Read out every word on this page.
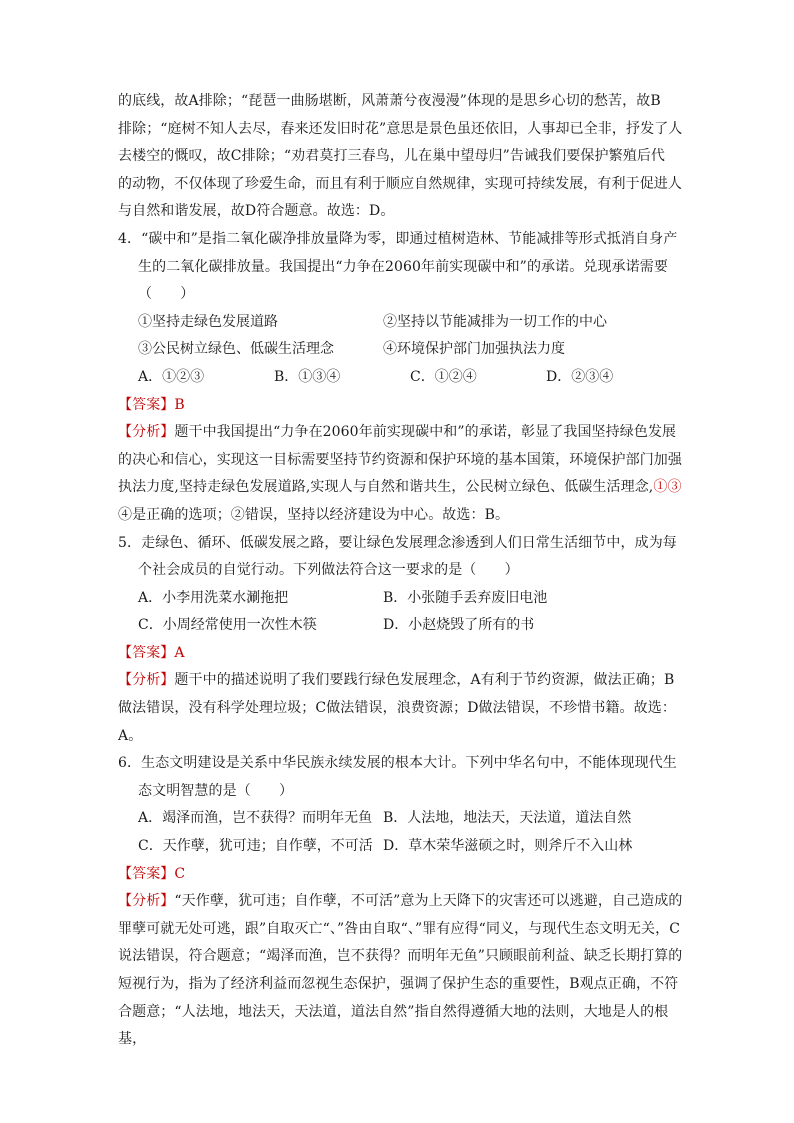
的底线，故A排除；“琵琶一曲肠堪断，风萧萧兮夜漫漫”体现的是思乡心切的愁苦，故B

排除；“庭树不知人去尽，春来还发旧时花”意思是景色虽还依旧，人事却已全非，抒发了人

去楼空的慨叹，故C排除；“劝君莫打三春鸟，儿在巢中望母归”告诫我们要保护繁殖后代

的动物，不仅体现了珍爱生命，而且有利于顺应自然规律，实现可持续发展，有利于促进人

与自然和谐发展，故D符合题意。故选：D。

4．“碳中和”是指二氧化碳净排放量降为零，即通过植树造林、节能减排等形式抵消自身产

生的二氧化碳排放量。我国提出“力争在2060年前实现碳中和”的承诺。兑现承诺需要

（　　）

①坚持走绿色发展道路	②坚持以节能减排为一切工作的中心
③公民树立绿色、低碳生活理念	④环境保护部门加强执法力度
A．①②③	B．①③④	C．①②④	D．②③④

【答案】B

【分析】题干中我国提出“力争在2060年前实现碳中和”的承诺，彰显了我国坚持绿色发展

的决心和信心，实现这一目标需要坚持节约资源和保护环境的基本国策，环境保护部门加强

执法力度,坚持走绿色发展道路,实现人与自然和谐共生，公民树立绿色、低碳生活理念,①③

④是正确的选项；②错误，坚持以经济建设为中心。故选：B。

5．走绿色、循环、低碳发展之路，要让绿色发展理念渗透到人们日常生活细节中，成为每

个社会成员的自觉行动。下列做法符合这一要求的是（　　）

A．小李用洗菜水涮拖把	B．小张随手丢弃废旧电池
C．小周经常使用一次性木筷	D．小赵烧毁了所有的书

【答案】A

【分析】题干中的描述说明了我们要践行绿色发展理念，A有利于节约资源，做法正确；B

做法错误，没有科学处理垃圾；C做法错误，浪费资源；D做法错误，不珍惜书籍。故选：

A。

6．生态文明建设是关系中华民族永续发展的根本大计。下列中华名句中，不能体现现代生

态文明智慧的是（　　）

A．竭泽而渔，岂不获得？而明年无鱼 B．人法地，地法天，天法道，道法自然
C．天作孽，犹可违；自作孽，不可活 D．草木荣华滋硕之时，则斧斤不入山林

【答案】C

【分析】“天作孽，犹可违；自作孽，不可活”意为上天降下的灾害还可以逃避，自己造成的

罪孽可就无处可逃，跟”自取灭亡“、”咎由自取“、”罪有应得“同义，与现代生态文明无关，C

说法错误，符合题意；“竭泽而渔，岂不获得？而明年无鱼”只顾眼前利益、缺乏长期打算的

短视行为，指为了经济利益而忽视生态保护，强调了保护生态的重要性，B观点正确，不符

合题意；“人法地，地法天，天法道，道法自然”指自然得遵循大地的法则，大地是人的根基，
